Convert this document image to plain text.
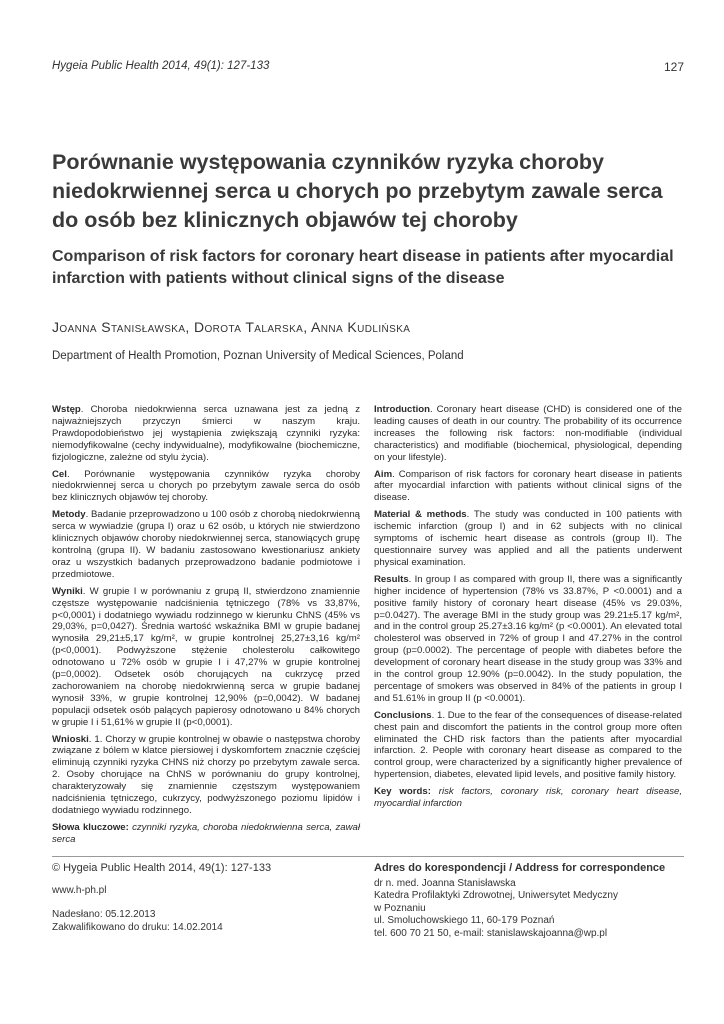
Hygeia Public Health 2014, 49(1): 127-133	127
Porównanie występowania czynników ryzyka choroby niedokrwiennej serca u chorych po przebytym zawale serca do osób bez klinicznych objawów tej choroby
Comparison of risk factors for coronary heart disease in patients after myocardial infarction with patients without clinical signs of the disease
Joanna Stanisławska, Dorota Talarska, Anna Kudlińska
Department of Health Promotion, Poznan University of Medical Sciences, Poland

Wstęp. Choroba niedokrwienna serca uznawana jest za jedną z najważniejszych przyczyn śmierci w naszym kraju. Prawdopodobieństwo jej wystąpienia zwiększają czynniki ryzyka: niemodyfikowalne (cechy indywidualne), modyfikowalne (biochemiczne, fizjologiczne, zależne od stylu życia).

Cel. Porównanie występowania czynników ryzyka choroby niedokrwiennej serca u chorych po przebytym zawale serca do osób bez klinicznych objawów tej choroby.

Metody. Badanie przeprowadzono u 100 osób z chorobą niedokrwienną serca w wywiadzie (grupa I) oraz u 62 osób, u których nie stwierdzono klinicznych objawów choroby niedokrwiennej serca, stanowiących grupę kontrolną (grupa II). W badaniu zastosowano kwestionariusz ankiety oraz u wszystkich badanych przeprowadzono badanie podmiotowe i przedmiotowe.

Wyniki. W grupie I w porównaniu z grupą II, stwierdzono znamiennie częstsze występowanie nadciśnienia tętniczego (78% vs 33,87%, p<0,0001) i dodatniego wywiadu rodzinnego w kierunku ChNS (45% vs 29,03%, p=0,0427). Średnia wartość wskaźnika BMI w grupie badanej wynosiła 29,21±5,17 kg/m², w grupie kontrolnej 25,27±3,16 kg/m² (p<0,0001). Podwyższone stężenie cholesterolu całkowitego odnotowano u 72% osób w grupie I i 47,27% w grupie kontrolnej (p=0,0002). Odsetek osób chorujących na cukrzycę przed zachorowaniem na chorobę niedokrwienną serca w grupie badanej wynosił 33%, w grupie kontrolnej 12,90% (p=0,0042). W badanej populacji odsetek osób palących papierosy odnotowano u 84% chorych w grupie I i 51,61% w grupie II (p<0,0001).

Wnioski. 1. Chorzy w grupie kontrolnej w obawie o następstwa choroby związane z bólem w klatce piersiowej i dyskomfortem znacznie częściej eliminują czynniki ryzyka CHNS niż chorzy po przebytym zawale serca. 2. Osoby chorujące na ChNS w porównaniu do grupy kontrolnej, charakteryzowały się znamiennie częstszym występowaniem nadciśnienia tętniczego, cukrzycy, podwyższonego poziomu lipidów i dodatniego wywiadu rodzinnego.

Słowa kluczowe: czynniki ryzyka, choroba niedokrwienna serca, zawał serca

Introduction. Coronary heart disease (CHD) is considered one of the leading causes of death in our country. The probability of its occurrence increases the following risk factors: non-modifiable (individual characteristics) and modifiable (biochemical, physiological, depending on your lifestyle).

Aim. Comparison of risk factors for coronary heart disease in patients after myocardial infarction with patients without clinical signs of the disease.

Material & methods. The study was conducted in 100 patients with ischemic infarction (group I) and in 62 subjects with no clinical symptoms of ischemic heart disease as controls (group II). The questionnaire survey was applied and all the patients underwent physical examination.

Results. In group I as compared with group II, there was a significantly higher incidence of hypertension (78% vs 33.87%, P <0.0001) and a positive family history of coronary heart disease (45% vs 29.03%, p=0.0427). The average BMI in the study group was 29.21±5.17 kg/m², and in the control group 25.27±3.16 kg/m² (p <0.0001). An elevated total cholesterol was observed in 72% of group I and 47.27% in the control group (p=0.0002). The percentage of people with diabetes before the development of coronary heart disease in the study group was 33% and in the control group 12.90% (p=0.0042). In the study population, the percentage of smokers was observed in 84% of the patients in group I and 51.61% in group II (p <0.0001).

Conclusions. 1. Due to the fear of the consequences of disease-related chest pain and discomfort the patients in the control group more often eliminated the CHD risk factors than the patients after myocardial infarction. 2. People with coronary heart disease as compared to the control group, were characterized by a significantly higher prevalence of hypertension, diabetes, elevated lipid levels, and positive family history.

Key words: risk factors, coronary risk, coronary heart disease, myocardial infarction

© Hygeia Public Health 2014, 49(1): 127-133
www.h-ph.pl
Nadesłano: 05.12.2013
Zakwalifikowano do druku: 14.02.2014
Adres do korespondencji / Address for correspondence
dr n. med. Joanna Stanisławska
Katedra Profilaktyki Zdrowotnej, Uniwersytet Medyczny
w Poznaniu
ul. Smoluchowskiego 11, 60-179 Poznań
tel. 600 70 21 50, e-mail: stanislawskajoanna@wp.pl
